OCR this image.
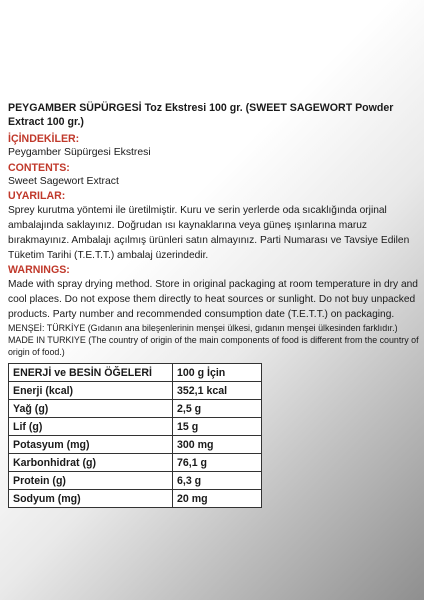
PEYGAMBER SÜPÜRGESİ Toz Ekstresi 100 gr. (SWEET SAGEWORT Powder Extract 100 gr.)
İÇİNDEKİLER:
Peygamber Süpürgesi Ekstresi
CONTENTS:
Sweet Sagewort Extract
UYARILAR:
Sprey kurutma yöntemi ile üretilmiştir. Kuru ve serin yerlerde oda sıcaklığında orjinal ambalajında saklayınız. Doğrudan ısı kaynaklarına veya güneş ışınlarına maruz bırakmayınız. Ambalajı açılmış ürünleri satın almayınız. Parti Numarası ve Tavsiye Edilen Tüketim Tarihi (T.E.T.T.) ambalaj üzerindedir.
WARNINGS:
Made with spray drying method. Store in original packaging at room temperature in dry and cool places. Do not expose them directly to heat sources or sunlight. Do not buy unpacked products. Party number and recommended consumption date (T.E.T.T.) on packaging.
MENŞEİ: TÜRKİYE (Gıdanın ana bileşenlerinin menşei ülkesi, gıdanın menşei ülkesinden farklıdır.)
MADE IN TURKIYE (The country of origin of the main components of food is different from the country of origin of food.)
ENERJİ ve BESİN ÖĞELERİ	100 g İçin
Enerji (kcal)	352,1 kcal
Yağ (g)	2,5 g
Lif (g)	15 g
Potasyum (mg)	300 mg
Karbonhidrat (g)	76,1 g
Protein (g)	6,3 g
Sodyum (mg)	20 mg
